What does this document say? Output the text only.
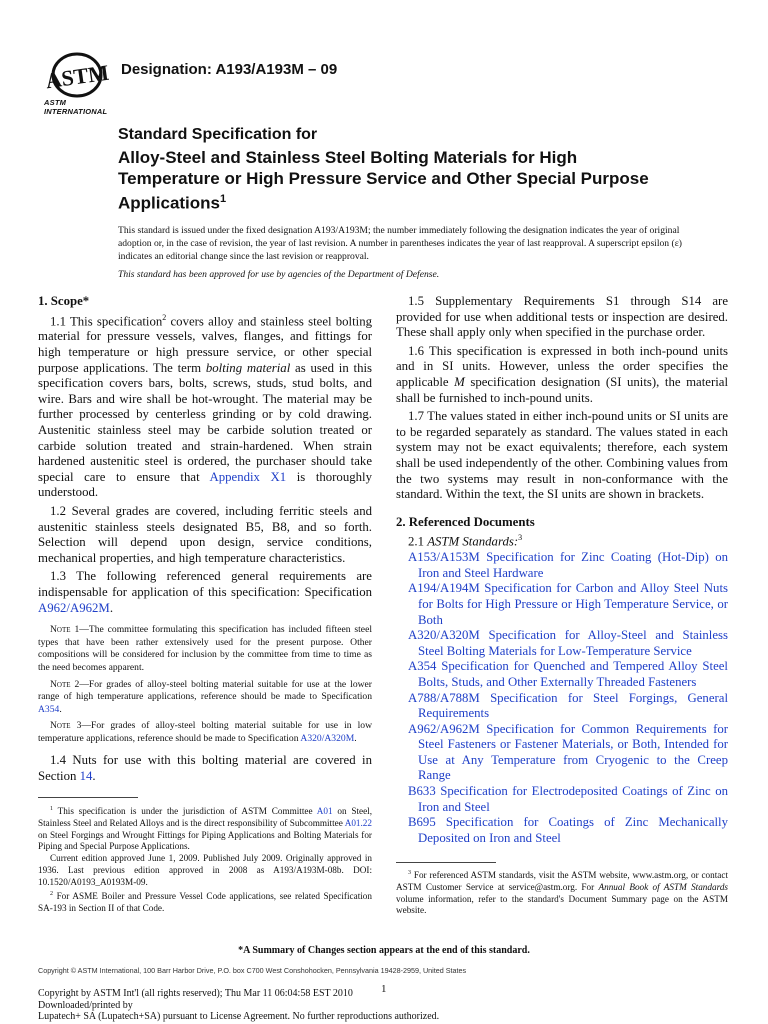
ASTM
ASTM INTERNATIONAL
Designation: A193/A193M – 09
Standard Specification for
Alloy-Steel and Stainless Steel Bolting Materials for High Temperature or High Pressure Service and Other Special Purpose Applications$^1$

This standard is issued under the fixed designation A193/A193M; the number immediately following the designation indicates the year of original adoption or, in the case of revision, the year of last revision. A number in parentheses indicates the year of last reapproval. A superscript epsilon (ε) indicates an editorial change since the last revision or reapproval.

This standard has been approved for use by agencies of the Department of Defense.

1. Scope*

1.1 This specification$^2$ covers alloy and stainless steel bolting material for pressure vessels, valves, flanges, and fittings for high temperature or high pressure service, or other special purpose applications. The term bolting material as used in this specification covers bars, bolts, screws, studs, stud bolts, and wire. Bars and wire shall be hot-wrought. The material may be further processed by centerless grinding or by cold drawing. Austenitic stainless steel may be carbide solution treated or carbide solution treated and strain-hardened. When strain hardened austenitic steel is ordered, the purchaser should take special care to ensure that Appendix X1 is thoroughly understood.

1.2 Several grades are covered, including ferritic steels and austenitic stainless steels designated B5, B8, and so forth. Selection will depend upon design, service conditions, mechanical properties, and high temperature characteristics.

1.3 The following referenced general requirements are indispensable for application of this specification: Specification A962/A962M.

Note 1—The committee formulating this specification has included fifteen steel types that have been rather extensively used for the present purpose. Other compositions will be considered for inclusion by the committee from time to time as the need becomes apparent.

Note 2—For grades of alloy-steel bolting material suitable for use at the lower range of high temperature applications, reference should be made to Specification A354.

Note 3—For grades of alloy-steel bolting material suitable for use in low temperature applications, reference should be made to Specification A320/A320M.

1.4 Nuts for use with this bolting material are covered in Section 14.

1.5 Supplementary Requirements S1 through S14 are provided for use when additional tests or inspection are desired. These shall apply only when specified in the purchase order.

1.6 This specification is expressed in both inch-pound units and in SI units. However, unless the order specifies the applicable M specification designation (SI units), the material shall be furnished to inch-pound units.

1.7 The values stated in either inch-pound units or SI units are to be regarded separately as standard. The values stated in each system may not be exact equivalents; therefore, each system shall be used independently of the other. Combining values from the two systems may result in non-conformance with the standard. Within the text, the SI units are shown in brackets.

2. Referenced Documents

2.1 ASTM Standards:$^3$

A153/A153M Specification for Zinc Coating (Hot-Dip) on Iron and Steel Hardware

A194/A194M Specification for Carbon and Alloy Steel Nuts for Bolts for High Pressure or High Temperature Service, or Both

A320/A320M Specification for Alloy-Steel and Stainless Steel Bolting Materials for Low-Temperature Service

A354 Specification for Quenched and Tempered Alloy Steel Bolts, Studs, and Other Externally Threaded Fasteners

A788/A788M Specification for Steel Forgings, General Requirements

A962/A962M Specification for Common Requirements for Steel Fasteners or Fastener Materials, or Both, Intended for Use at Any Temperature from Cryogenic to the Creep Range

B633 Specification for Electrodeposited Coatings of Zinc on Iron and Steel

B695 Specification for Coatings of Zinc Mechanically Deposited on Iron and Steel

$^1$ This specification is under the jurisdiction of ASTM Committee A01 on Steel, Stainless Steel and Related Alloys and is the direct responsibility of Subcommittee A01.22 on Steel Forgings and Wrought Fittings for Piping Applications and Bolting Materials for Piping and Special Purpose Applications.

Current edition approved June 1, 2009. Published July 2009. Originally approved in 1936. Last previous edition approved in 2008 as A193/A193M-08b. DOI: 10.1520/A0193_A0193M-09.

$^2$ For ASME Boiler and Pressure Vessel Code applications, see related Specification SA-193 in Section II of that Code.

$^3$ For referenced ASTM standards, visit the ASTM website, www.astm.org, or contact ASTM Customer Service at service@astm.org. For Annual Book of ASTM Standards volume information, refer to the standard's Document Summary page on the ASTM website.

*A Summary of Changes section appears at the end of this standard.
Copyright © ASTM International, 100 Barr Harbor Drive, P.O. box C700 West Conshohocken, Pennsylvania 19428-2959, United States
1
Copyright by ASTM Int'l (all rights reserved); Thu Mar 11 06:04:58 EST 2010
Downloaded/printed by
Lupatech+ SA (Lupatech+SA) pursuant to License Agreement. No further reproductions authorized.
